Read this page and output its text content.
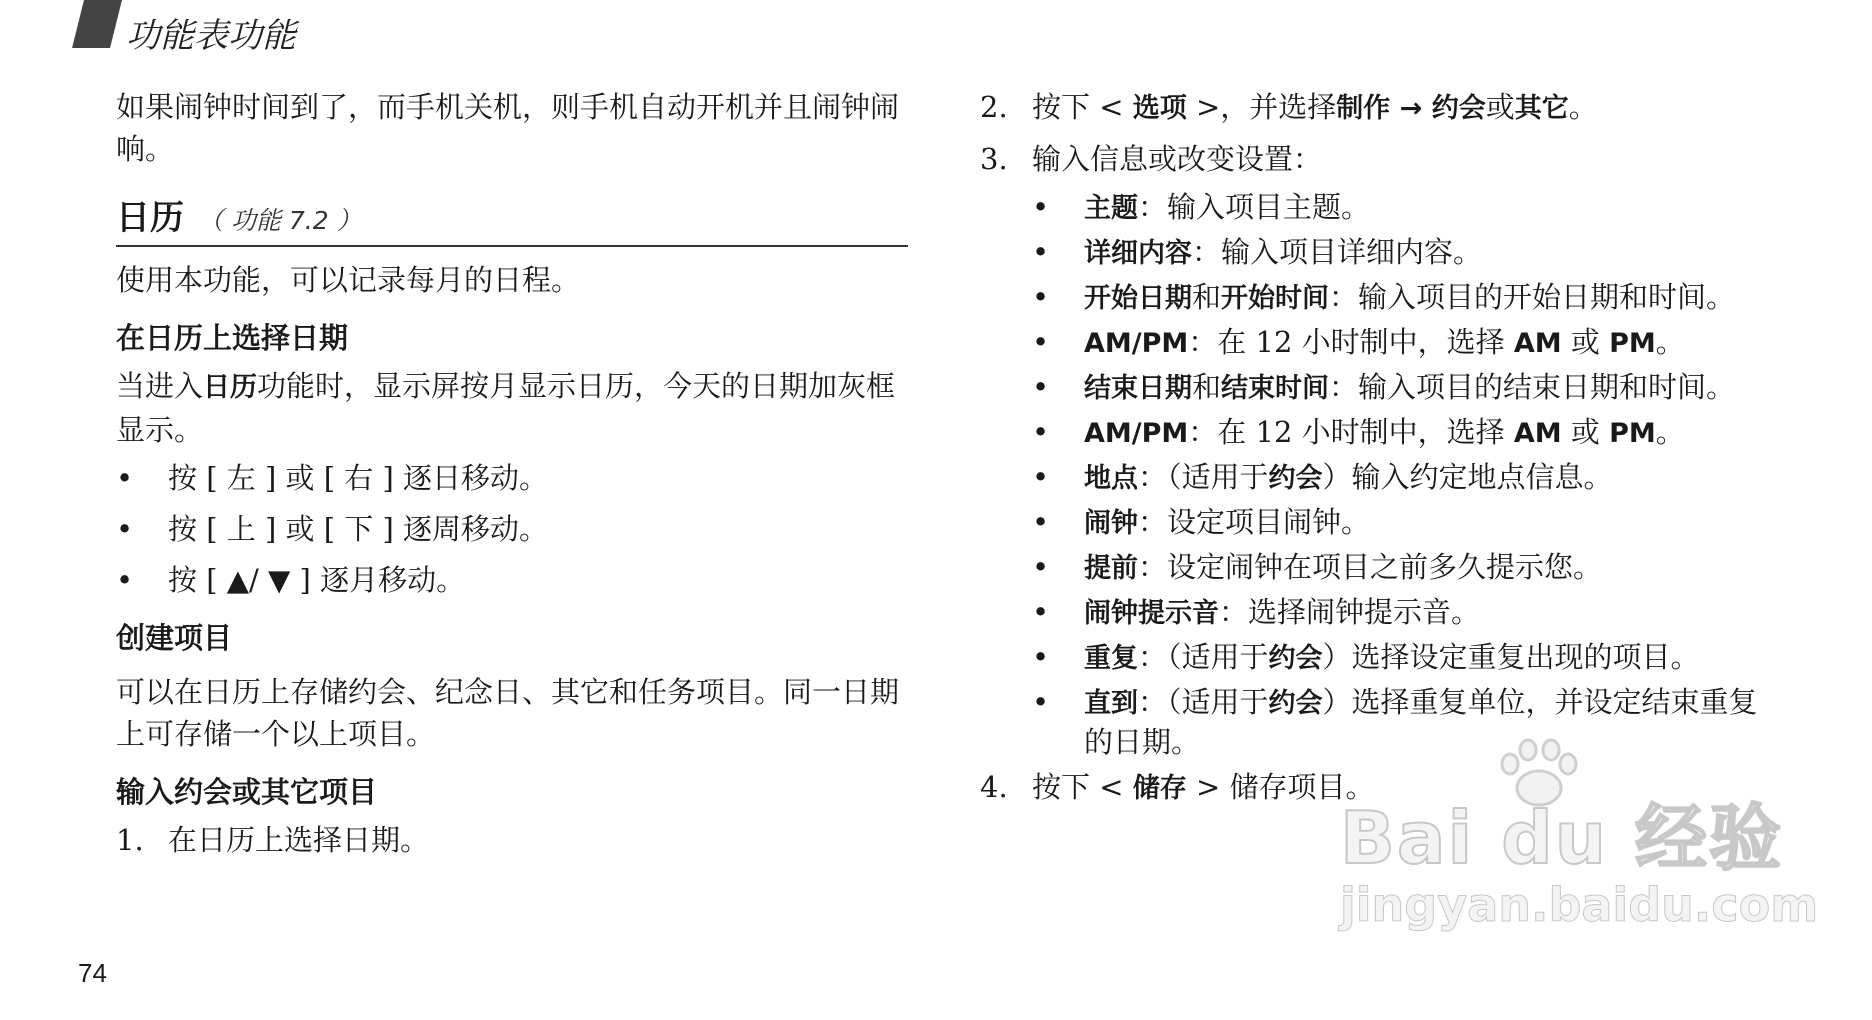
功能表功能

如果闹钟时间到了，而手机关机，则手机自动开机并且闹钟闹响。

日历 （ 功能 7.2 ）

使用本功能，可以记录每月的日程。

在日历上选择日期

当进入日历功能时，显示屏按月显示日历，今天的日期加灰框显示。

• 按 [ 左 ] 或 [ 右 ] 逐日移动。
• 按 [ 上 ] 或 [ 下 ] 逐周移动。
• 按 [ ▲/ ▼ ] 逐月移动。
创建项目

可以在日历上存储约会、纪念日、其它和任务项目。同一日期上可存储一个以上项目。

输入约会或其它项目
1. 在日历上选择日期。
2. 按下 < 选项 >，并选择制作 → 约会或其它。
3. 输入信息或改变设置：
• 主题：输入项目主题。
• 详细内容：输入项目详细内容。
• 开始日期和开始时间：输入项目的开始日期和时间。
• AM/PM：在 12 小时制中，选择 AM 或 PM。
• 结束日期和结束时间：输入项目的结束日期和时间。
• AM/PM：在 12 小时制中，选择 AM 或 PM。
• 地点：（适用于约会）输入约定地点信息。
• 闹钟：设定项目闹钟。
• 提前：设定闹钟在项目之前多久提示您。
• 闹钟提示音：选择闹钟提示音。
• 重复：（适用于约会）选择设定重复出现的项目。
• 直到：（适用于约会）选择重复单位，并设定结束重复的日期。
4. 按下 < 储存 > 储存项目。
Bai du 经验
jingyan.baidu.com
74
